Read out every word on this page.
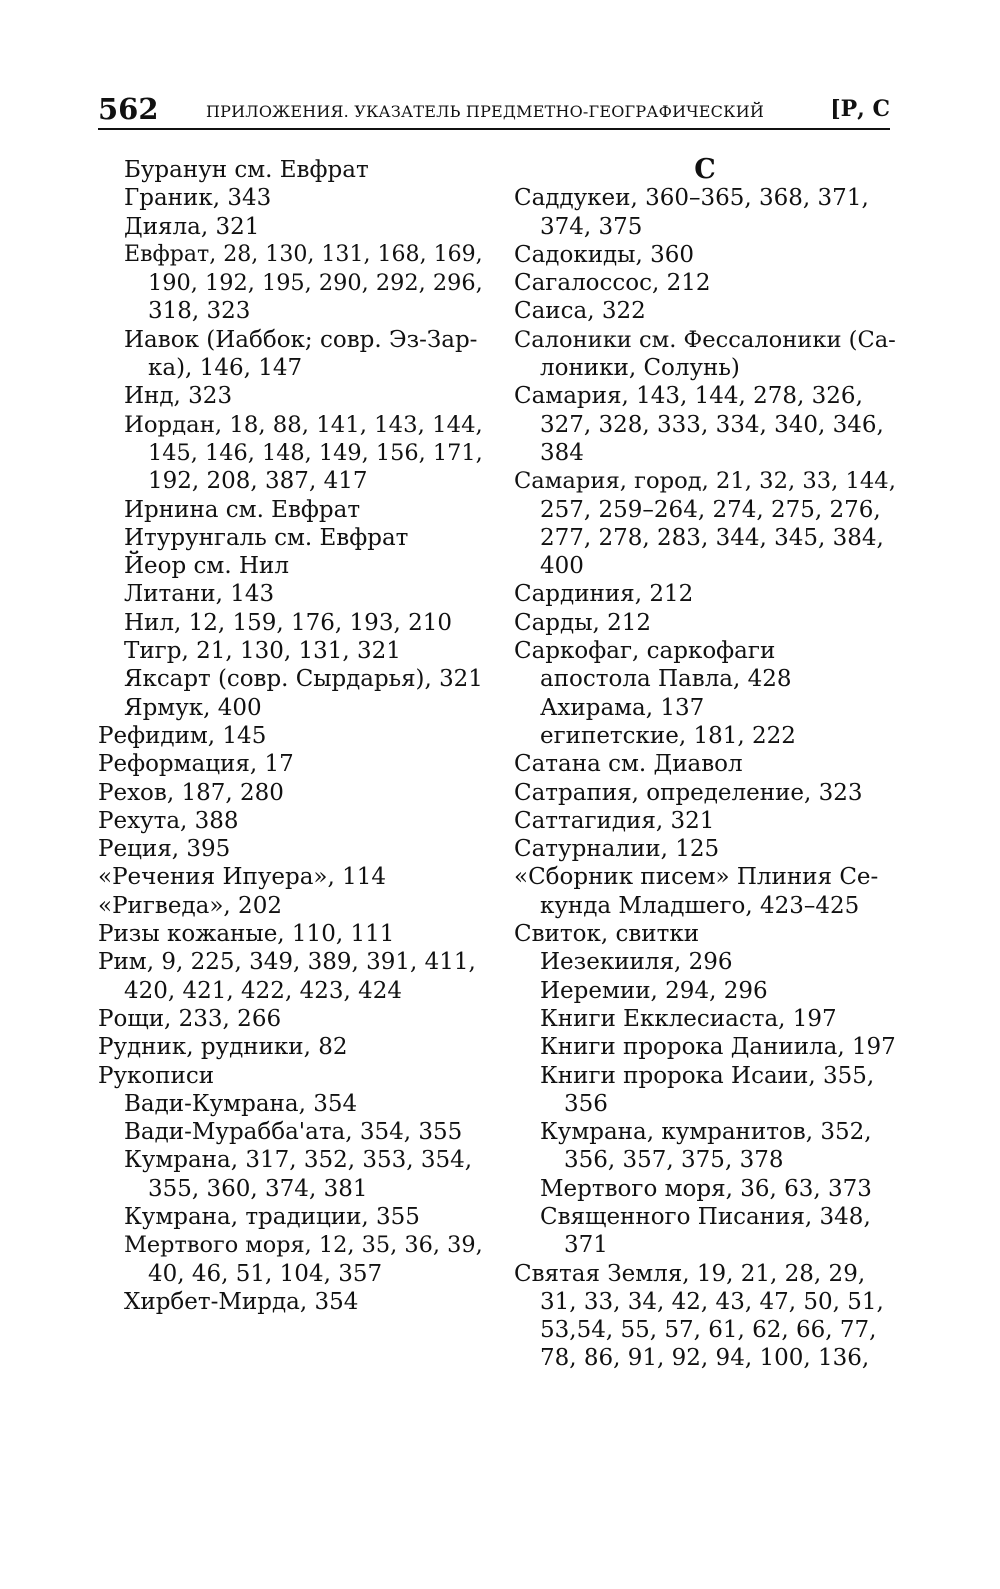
562	ПРИЛОЖЕНИЯ. УКАЗАТЕЛЬ ПРЕДМЕТНО-ГЕОГРАФИЧЕСКИЙ	[Р, С
Буранун см. Евфрат
Граник, 343
Дияла, 321
Евфрат, 28, 130, 131, 168, 169,
190, 192, 195, 290, 292, 296,
318, 323
Иавок (Иаббок; совр. Эз-Зар-
ка), 146, 147
Инд, 323
Иордан, 18, 88, 141, 143, 144,
145, 146, 148, 149, 156, 171,
192, 208, 387, 417
Ирнина см. Евфрат
Итурунгаль см. Евфрат
Йеор см. Нил
Литани, 143
Нил, 12, 159, 176, 193, 210
Тигр, 21, 130, 131, 321
Яксарт (совр. Сырдарья), 321
Ярмук, 400
Рефидим, 145
Реформация, 17
Рехов, 187, 280
Рехута, 388
Реция, 395
«Речения Ипуера», 114
«Ригведа», 202
Ризы кожаные, 110, 111
Рим, 9, 225, 349, 389, 391, 411,
420, 421, 422, 423, 424
Рощи, 233, 266
Рудник, рудники, 82
Рукописи
Вади-Кумрана, 354
Вади-Мурабба'ата, 354, 355
Кумрана, 317, 352, 353, 354,
355, 360, 374, 381
Кумрана, традиции, 355
Мертвого моря, 12, 35, 36, 39,
40, 46, 51, 104, 357
Хирбет-Мирда, 354
С
Саддукеи, 360–365, 368, 371,
374, 375
Садокиды, 360
Сагалоссос, 212
Саиса, 322
Салоники см. Фессалоники (Са-
лоники, Солунь)
Самария, 143, 144, 278, 326,
327, 328, 333, 334, 340, 346,
384
Самария, город, 21, 32, 33, 144,
257, 259–264, 274, 275, 276,
277, 278, 283, 344, 345, 384,
400
Сардиния, 212
Сарды, 212
Саркофаг, саркофаги
апостола Павла, 428
Ахирама, 137
египетские, 181, 222
Сатана см. Диавол
Сатрапия, определение, 323
Саттагидия, 321
Сатурналии, 125
«Сборник писем» Плиния Се-
кунда Младшего, 423–425
Свиток, свитки
Иезекииля, 296
Иеремии, 294, 296
Книги Екклесиаста, 197
Книги пророка Даниила, 197
Книги пророка Исаии, 355,
356
Кумрана, кумранитов, 352,
356, 357, 375, 378
Мертвого моря, 36, 63, 373
Священного Писания, 348,
371
Святая Земля, 19, 21, 28, 29,
31, 33, 34, 42, 43, 47, 50, 51,
53,54, 55, 57, 61, 62, 66, 77,
78, 86, 91, 92, 94, 100, 136,
